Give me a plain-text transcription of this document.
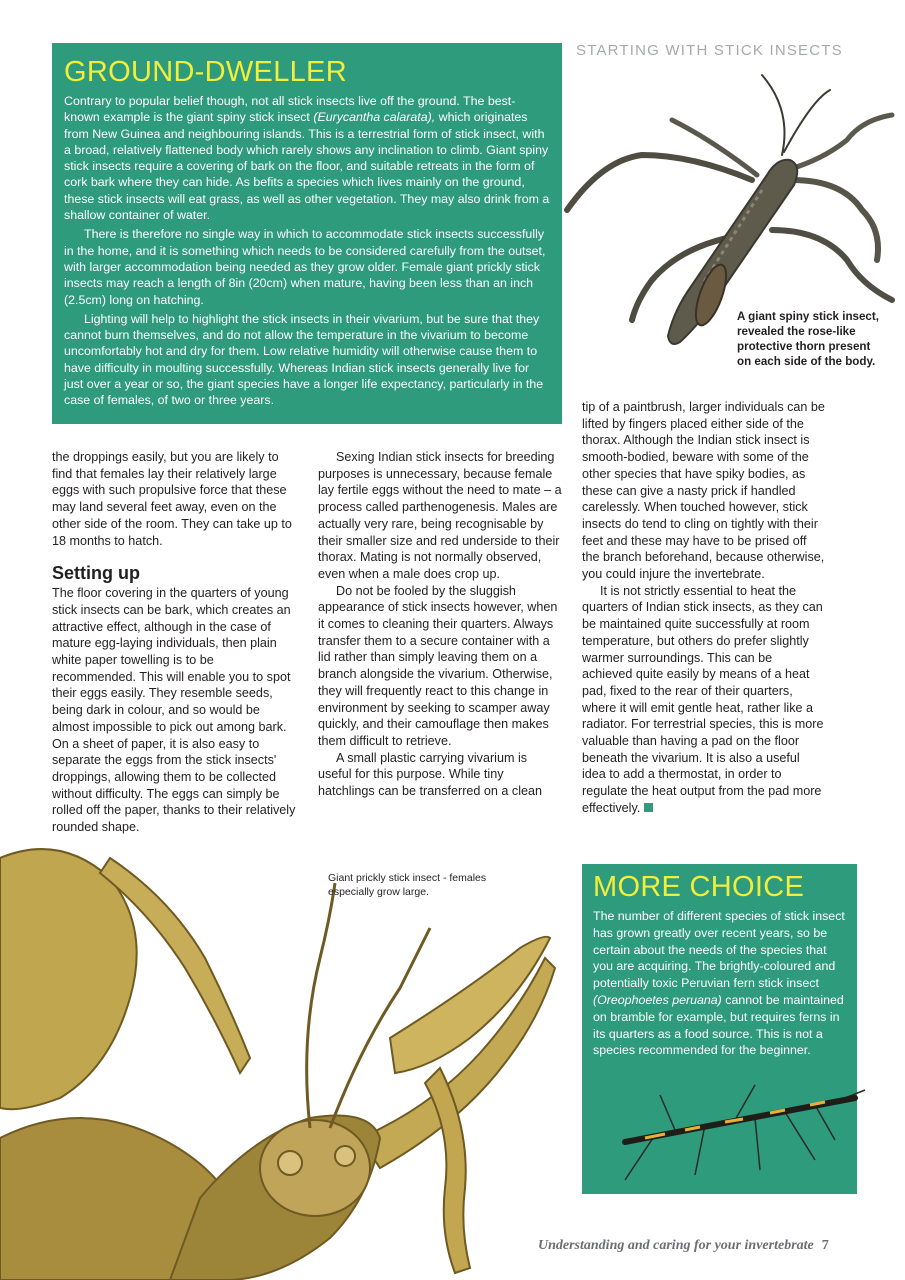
STARTING WITH STICK INSECTS
GROUND-DWELLER

Contrary to popular belief though, not all stick insects live off the ground. The best-known example is the giant spiny stick insect (Eurycantha calarata), which originates from New Guinea and neighbouring islands. This is a terrestrial form of stick insect, with a broad, relatively flattened body which rarely shows any inclination to climb. Giant spiny stick insects require a covering of bark on the floor, and suitable retreats in the form of cork bark where they can hide. As befits a species which lives mainly on the ground, these stick insects will eat grass, as well as other vegetation. They may also drink from a shallow container of water.

There is therefore no single way in which to accommodate stick insects successfully in the home, and it is something which needs to be considered carefully from the outset, with larger accommodation being needed as they grow older. Female giant prickly stick insects may reach a length of 8in (20cm) when mature, having been less than an inch (2.5cm) long on hatching.

Lighting will help to highlight the stick insects in their vivarium, but be sure that they cannot burn themselves, and do not allow the temperature in the vivarium to become uncomfortably hot and dry for them. Low relative humidity will otherwise cause them to have difficulty in moulting successfully. Whereas Indian stick insects generally live for just over a year or so, the giant species have a longer life expectancy, particularly in the case of females, of two or three years.

A giant spiny stick insect, revealed the rose-like protective thorn present on each side of the body.

the droppings easily, but you are likely to find that females lay their relatively large eggs with such propulsive force that these may land several feet away, even on the other side of the room. They can take up to 18 months to hatch.

Setting up

The floor covering in the quarters of young stick insects can be bark, which creates an attractive effect, although in the case of mature egg-laying individuals, then plain white paper towelling is to be recommended. This will enable you to spot their eggs easily. They resemble seeds, being dark in colour, and so would be almost impossible to pick out among bark. On a sheet of paper, it is also easy to separate the eggs from the stick insects' droppings, allowing them to be collected without difficulty. The eggs can simply be rolled off the paper, thanks to their relatively rounded shape.

Sexing Indian stick insects for breeding purposes is unnecessary, because female lay fertile eggs without the need to mate – a process called parthenogenesis. Males are actually very rare, being recognisable by their smaller size and red underside to their thorax. Mating is not normally observed, even when a male does crop up.

Do not be fooled by the sluggish appearance of stick insects however, when it comes to cleaning their quarters. Always transfer them to a secure container with a lid rather than simply leaving them on a branch alongside the vivarium. Otherwise, they will frequently react to this change in environment by seeking to scamper away quickly, and their camouflage then makes them difficult to retrieve.

A small plastic carrying vivarium is useful for this purpose. While tiny hatchlings can be transferred on a clean

tip of a paintbrush, larger individuals can be lifted by fingers placed either side of the thorax. Although the Indian stick insect is smooth-bodied, beware with some of the other species that have spiky bodies, as these can give a nasty prick if handled carelessly. When touched however, stick insects do tend to cling on tightly with their feet and these may have to be prised off the branch beforehand, because otherwise, you could injure the invertebrate.

It is not strictly essential to heat the quarters of Indian stick insects, as they can be maintained quite successfully at room temperature, but others do prefer slightly warmer surroundings. This can be achieved quite easily by means of a heat pad, fixed to the rear of their quarters, where it will emit gentle heat, rather like a radiator. For terrestrial species, this is more valuable than having a pad on the floor beneath the vivarium. It is also a useful idea to add a thermostat, in order to regulate the heat output from the pad more effectively.

Giant prickly stick insect - females especially grow large.	MORE CHOICE

The number of different species of stick insect has grown greatly over recent years, so be certain about the needs of the species that you are acquiring. The brightly-coloured and potentially toxic Peruvian fern stick insect (Oreophoetes peruana) cannot be maintained on bramble for example, but requires ferns in its quarters as a food source. This is not a species recommended for the beginner.

Understanding and caring for your invertebrate 7
